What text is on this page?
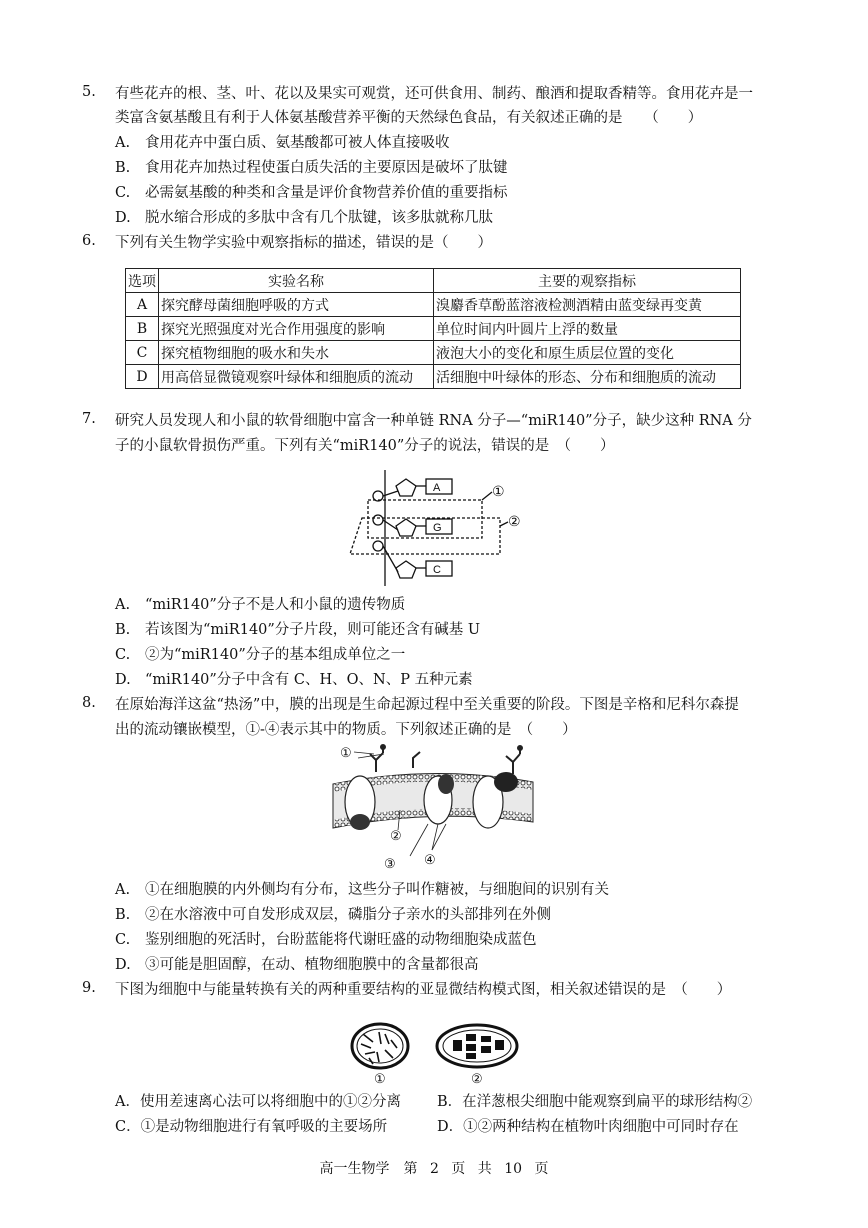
5. 有些花卉的根、茎、叶、花以及果实可观赏，还可供食用、制药、酿酒和提取香精等。食用花卉是一
类富含氨基酸且有利于人体氨基酸营养平衡的天然绿色食品，有关叙述正确的是　　（　　）
A. 食用花卉中蛋白质、氨基酸都可被人体直接吸收
B. 食用花卉加热过程使蛋白质失活的主要原因是破坏了肽键
C. 必需氨基酸的种类和含量是评价食物营养价值的重要指标
D. 脱水缩合形成的多肽中含有几个肽键，该多肽就称几肽
6. 下列有关生物学实验中观察指标的描述，错误的是（　　）
选项	实验名称	主要的观察指标
A	探究酵母菌细胞呼吸的方式	溴麝香草酚蓝溶液检测酒精由蓝变绿再变黄
B	探究光照强度对光合作用强度的影响	单位时间内叶圆片上浮的数量
C	探究植物细胞的吸水和失水	液泡大小的变化和原生质层位置的变化
D	用高倍显微镜观察叶绿体和细胞质的流动	活细胞中叶绿体的形态、分布和细胞质的流动
7. 研究人员发现人和小鼠的软骨细胞中富含一种单链 RNA 分子—“miR140”分子，缺少这种 RNA 分
子的小鼠软骨损伤严重。下列有关“miR140”分子的说法，错误的是　（　　）
A
G
C
①
②
A. “miR140”分子不是人和小鼠的遗传物质
B. 若该图为“miR140”分子片段，则可能还含有碱基 U
C. ②为“miR140”分子的基本组成单位之一
D. “miR140”分子中含有 C、H、O、N、P 五种元素
8. 在原始海洋这盆“热汤”中，膜的出现是生命起源过程中至关重要的阶段。下图是辛格和尼科尔森提
出的流动镶嵌模型，①-④表示其中的物质。下列叙述正确的是　（　　）
①
②
③ ④
A. ①在细胞膜的内外侧均有分布，这些分子叫作糖被，与细胞间的识别有关
B. ②在水溶液中可自发形成双层，磷脂分子亲水的头部排列在外侧
C. 鉴别细胞的死活时，台盼蓝能将代谢旺盛的动物细胞染成蓝色
D. ③可能是胆固醇，在动、植物细胞膜中的含量都很高
9. 下图为细胞中与能量转换有关的两种重要结构的亚显微结构模式图，相关叙述错误的是　（　　）
①	②
A．使用差速离心法可以将细胞中的①②分离 B．在洋葱根尖细胞中能观察到扁平的球形结构②
C．①是动物细胞进行有氧呼吸的主要场所	D．①②两种结构在植物叶肉细胞中可同时存在
高一生物学　第 2 页 共 10 页
